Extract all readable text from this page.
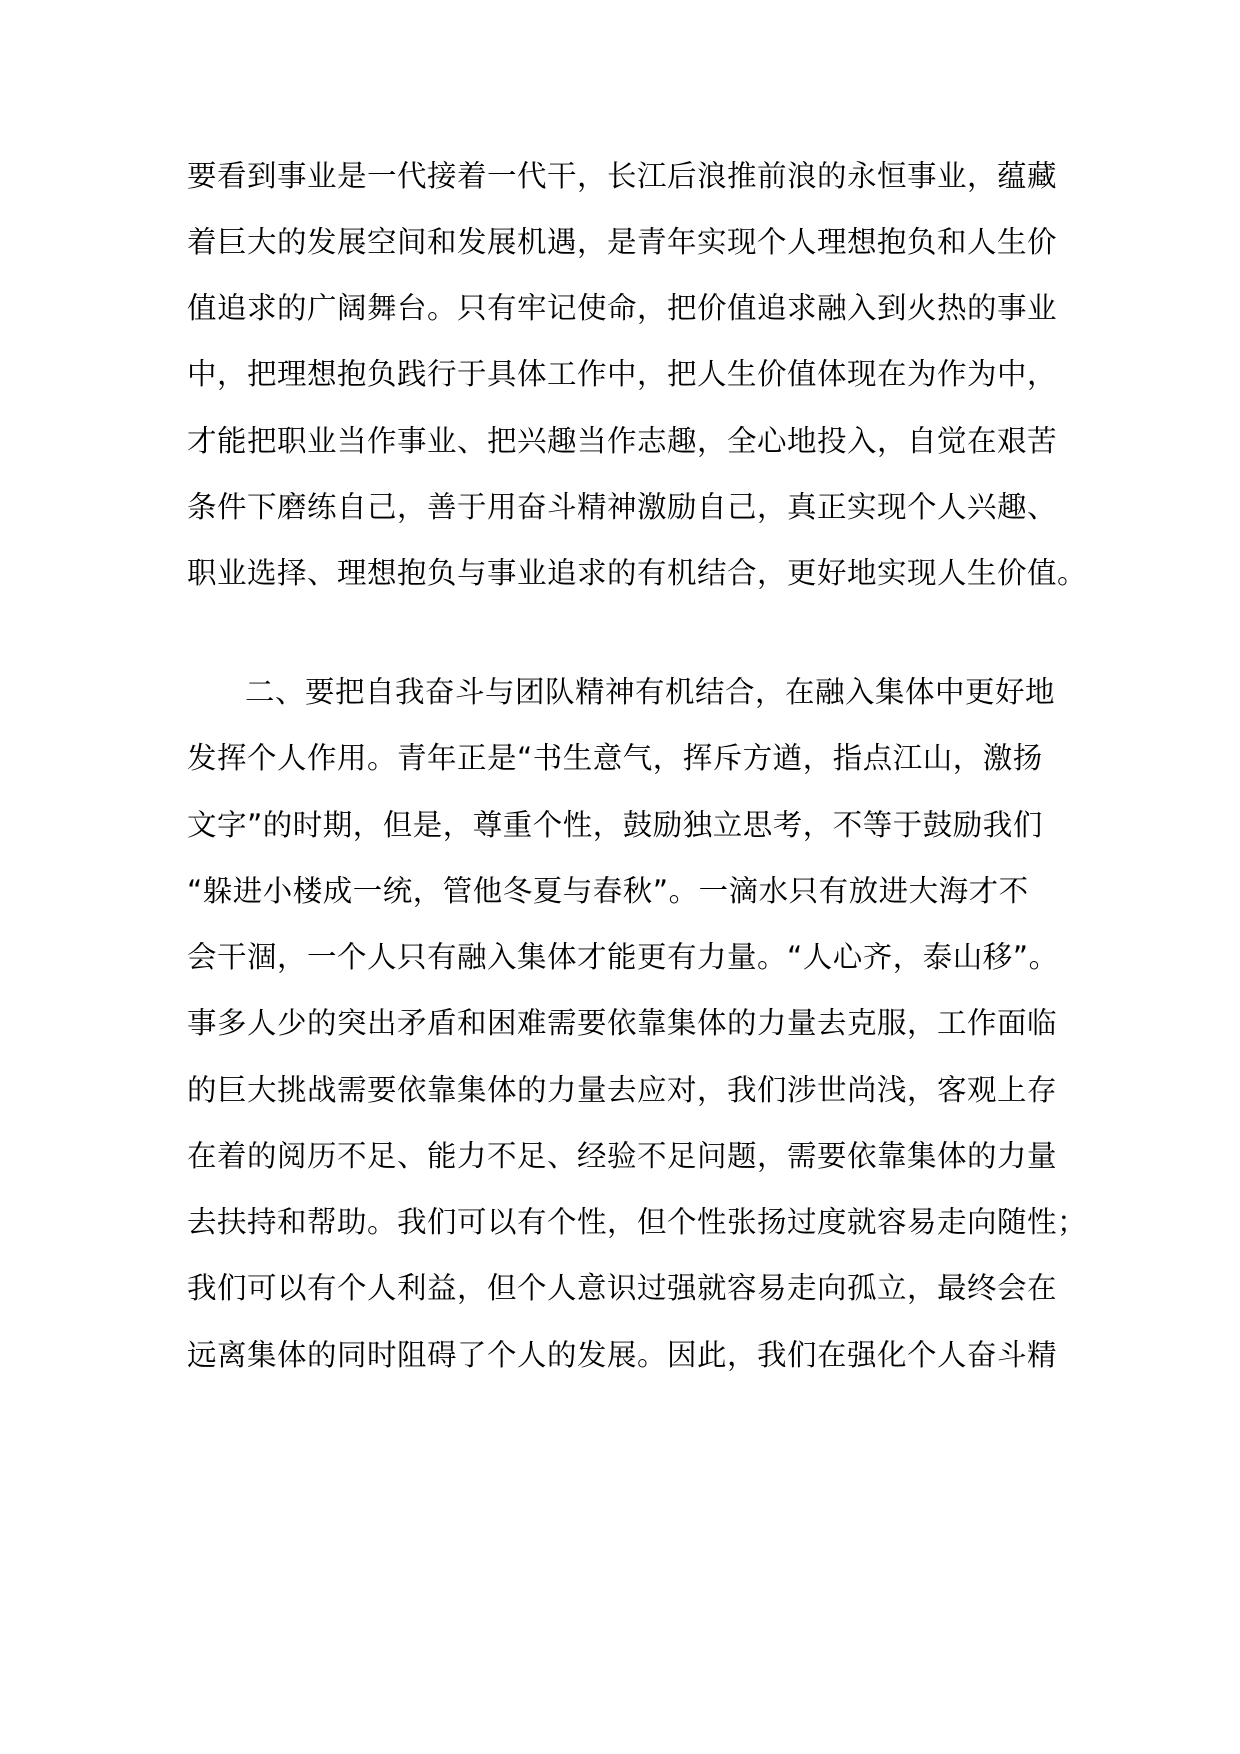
要看到事业是一代接着一代干，长江后浪推前浪的永恒事业，蕴藏
着巨大的发展空间和发展机遇，是青年实现个人理想抱负和人生价
值追求的广阔舞台。只有牢记使命，把价值追求融入到火热的事业
中，把理想抱负践行于具体工作中，把人生价值体现在为作为中，
才能把职业当作事业、把兴趣当作志趣，全心地投入，自觉在艰苦
条件下磨练自己，善于用奋斗精神激励自己，真正实现个人兴趣、
职业选择、理想抱负与事业追求的有机结合，更好地实现人生价值。
二、要把自我奋斗与团队精神有机结合，在融入集体中更好地
发挥个人作用。青年正是“书生意气，挥斥方遒，指点江山，激扬
文字”的时期，但是，尊重个性，鼓励独立思考，不等于鼓励我们
“躲进小楼成一统，管他冬夏与春秋”。一滴水只有放进大海才不
会干涸，一个人只有融入集体才能更有力量。“人心齐，泰山移”。
事多人少的突出矛盾和困难需要依靠集体的力量去克服，工作面临
的巨大挑战需要依靠集体的力量去应对，我们涉世尚浅，客观上存
在着的阅历不足、能力不足、经验不足问题，需要依靠集体的力量
去扶持和帮助。我们可以有个性，但个性张扬过度就容易走向随性；
我们可以有个人利益，但个人意识过强就容易走向孤立，最终会在
远离集体的同时阻碍了个人的发展。因此，我们在强化个人奋斗精
